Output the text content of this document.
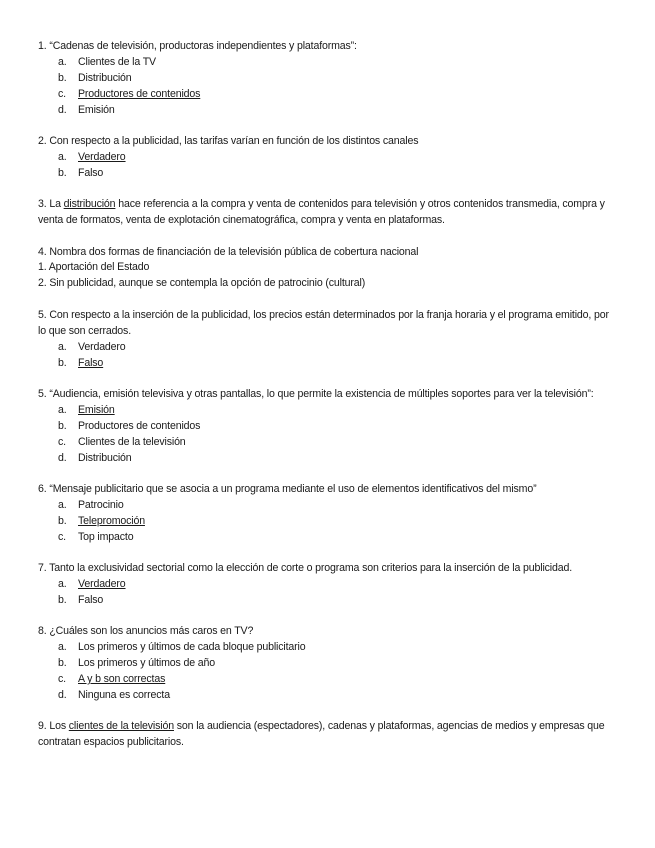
1. “Cadenas de televisión, productoras independientes y plataformas”:

a. Clientes de la TV
b. Distribución
c. Productores de contenidos
d. Emisión

2. Con respecto a la publicidad, las tarifas varían en función de los distintos canales

a. Verdadero
b. Falso

3. La distribución hace referencia a la compra y venta de contenidos para televisión y otros contenidos transmedia, compra y venta de formatos, venta de explotación cinematográfica, compra y venta en plataformas.

4. Nombra dos formas de financiación de la televisión pública de cobertura nacional

1. Aportación del Estado

2. Sin publicidad, aunque se contempla la opción de patrocinio (cultural)

5. Con respecto a la inserción de la publicidad, los precios están determinados por la franja horaria y el programa emitido, por lo que son cerrados.

a. Verdadero
b. Falso

5. “Audiencia, emisión televisiva y otras pantallas, lo que permite la existencia de múltiples soportes para ver la televisión”:

a. Emisión
b. Productores de contenidos
c. Clientes de la televisión
d. Distribución

6. “Mensaje publicitario que se asocia a un programa mediante el uso de elementos identificativos del mismo”

a. Patrocinio
b. Telepromoción
c. Top impacto

7. Tanto la exclusividad sectorial como la elección de corte o programa son criterios para la inserción de la publicidad.

a. Verdadero
b. Falso

8. ¿Cuáles son los anuncios más caros en TV?

a. Los primeros y últimos de cada bloque publicitario
b. Los primeros y últimos de año
c. A y b son correctas
d. Ninguna es correcta

9. Los clientes de la televisión son la audiencia (espectadores), cadenas y plataformas, agencias de medios y empresas que contratan espacios publicitarios.
